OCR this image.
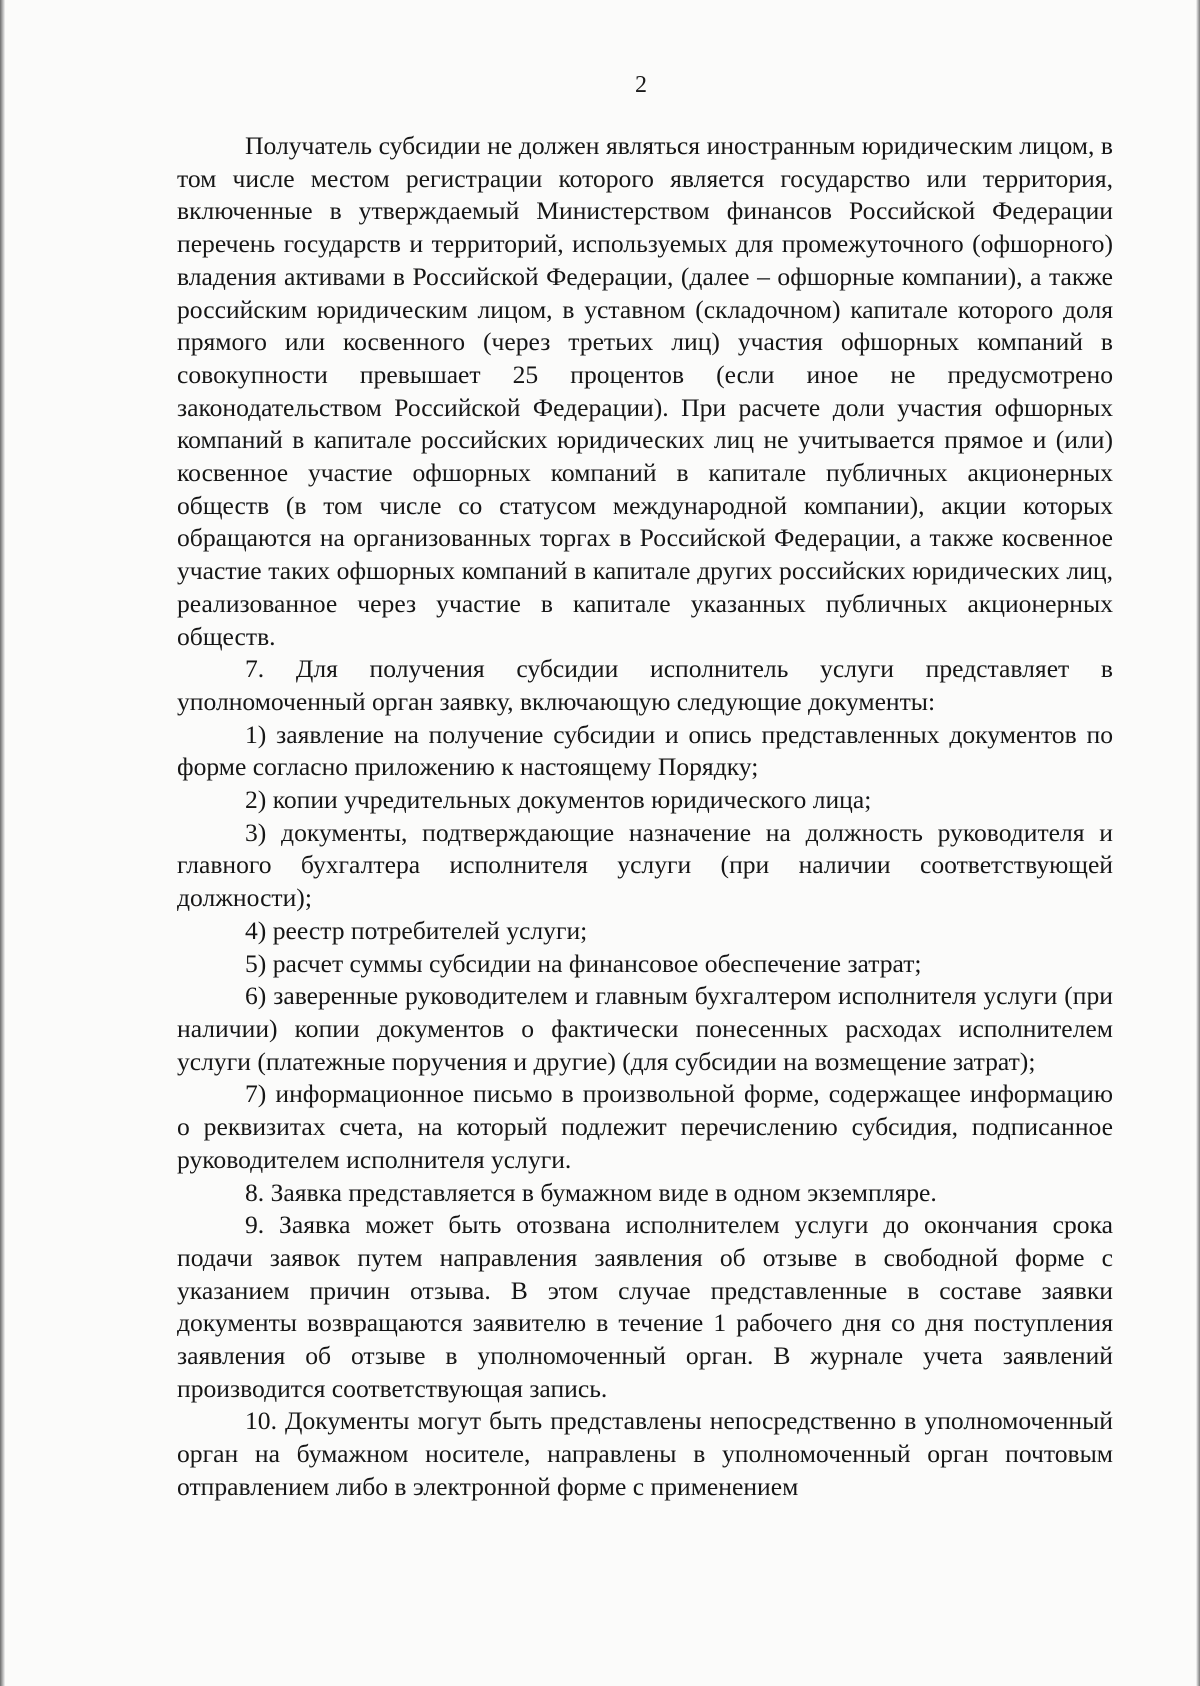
2

Получатель субсидии не должен являться иностранным юридическим лицом, в том числе местом регистрации которого является государство или территория, включенные в утверждаемый Министерством финансов Российской Федерации перечень государств и территорий, используемых для промежуточного (офшорного) владения активами в Российской Федерации, (далее – офшорные компании), а также российским юридическим лицом, в уставном (складочном) капитале которого доля прямого или косвенного (через третьих лиц) участия офшорных компаний в совокупности превышает 25 процентов (если иное не предусмотрено законодательством Российской Федерации). При расчете доли участия офшорных компаний в капитале российских юридических лиц не учитывается прямое и (или) косвенное участие офшорных компаний в капитале публичных акционерных обществ (в том числе со статусом международной компании), акции которых обращаются на организованных торгах в Российской Федерации, а также косвенное участие таких офшорных компаний в капитале других российских юридических лиц, реализованное через участие в капитале указанных публичных акционерных обществ.

7. Для получения субсидии исполнитель услуги представляет в уполномоченный орган заявку, включающую следующие документы:

1) заявление на получение субсидии и опись представленных документов по форме согласно приложению к настоящему Порядку;

2) копии учредительных документов юридического лица;

3) документы, подтверждающие назначение на должность руководителя и главного бухгалтера исполнителя услуги (при наличии соответствующей должности);

4) реестр потребителей услуги;

5) расчет суммы субсидии на финансовое обеспечение затрат;

6) заверенные руководителем и главным бухгалтером исполнителя услуги (при наличии) копии документов о фактически понесенных расходах исполнителем услуги (платежные поручения и другие) (для субсидии на возмещение затрат);

7) информационное письмо в произвольной форме, содержащее информацию о реквизитах счета, на который подлежит перечислению субсидия, подписанное руководителем исполнителя услуги.

8. Заявка представляется в бумажном виде в одном экземпляре.

9. Заявка может быть отозвана исполнителем услуги до окончания срока подачи заявок путем направления заявления об отзыве в свободной форме с указанием причин отзыва. В этом случае представленные в составе заявки документы возвращаются заявителю в течение 1 рабочего дня со дня поступления заявления об отзыве в уполномоченный орган. В журнале учета заявлений производится соответствующая запись.

10. Документы могут быть представлены непосредственно в уполномоченный орган на бумажном носителе, направлены в уполномоченный орган почтовым отправлением либо в электронной форме с применением
